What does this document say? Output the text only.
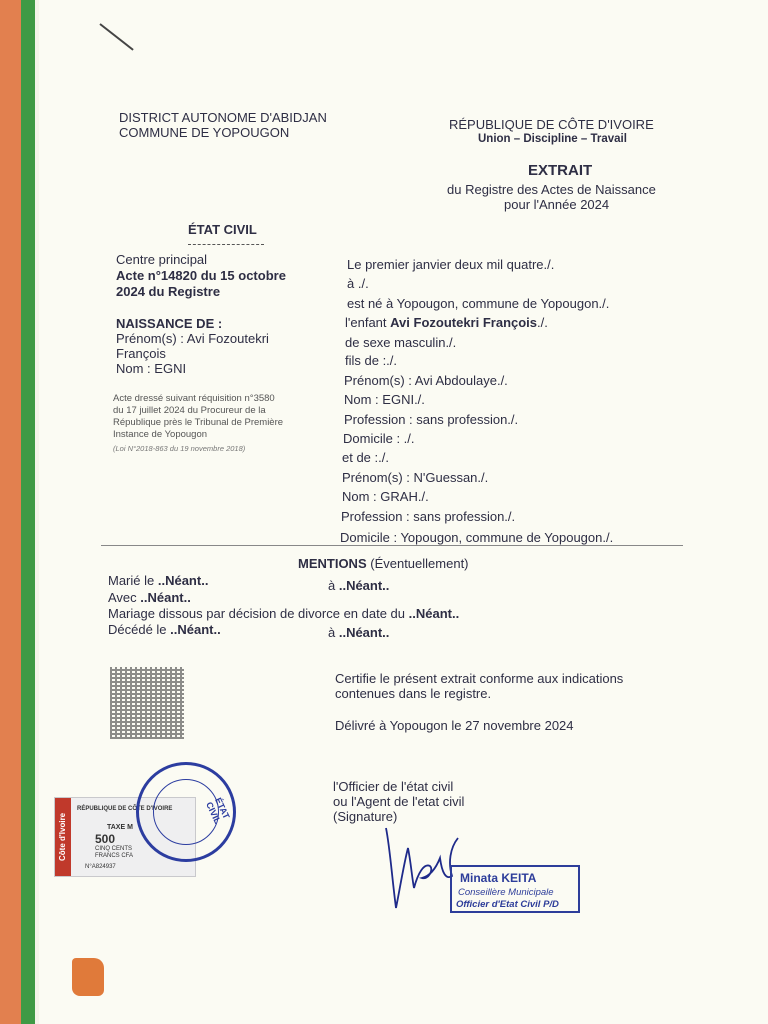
DISTRICT AUTONOME D'ABIDJAN
COMMUNE DE YOPOUGON
RÉPUBLIQUE DE CÔTE D'IVOIRE
Union – Discipline – Travail
EXTRAIT
du Registre des Actes de Naissance
pour l'Année 2024
ÉTAT CIVIL
Centre principal
Acte n°14820 du 15 octobre
2024 du Registre
NAISSANCE DE :
Prénom(s) : Avi Fozoutekri
François
Nom : EGNI
Acte dressé suivant réquisition n°3580
du 17 juillet 2024 du Procureur de la
République près le Tribunal de Première
Instance de Yopougon
(Loi N°2018-863 du 19 novembre 2018)
Le premier janvier deux mil quatre./.
à ./.
est né à Yopougon, commune de Yopougon./.
l'enfant Avi Fozoutekri François./.
de sexe masculin./.
fils de :./.
Prénom(s) : Avi Abdoulaye./.
Nom : EGNI./.
Profession : sans profession./.
Domicile : ./.
et de :./.
Prénom(s) : N'Guessan./.
Nom : GRAH./.
Profession : sans profession./.
Domicile : Yopougon, commune de Yopougon./.
MENTIONS (Éventuellement)
Marié le ..Néant..	à ..Néant..
Avec ..Néant..
Mariage dissous par décision de divorce en date du ..Néant..
Décédé le ..Néant..	à ..Néant..
Certifie le présent extrait conforme aux indications
contenues dans le registre.
Délivré à Yopougon le 27 novembre 2024
l'Officier de l'état civil
ou l'Agent de l'etat civil
(Signature)
Minata KEITA
Conseillère Municipale
Officier d'Etat Civil P/D
Côte d'Ivoire
RÉPUBLIQUE DE CÔTE D'IVOIRE
TAXE M
500
CINQ CENTS
FRANCS CFA
N°A824937
ÉTAT CIVIL
